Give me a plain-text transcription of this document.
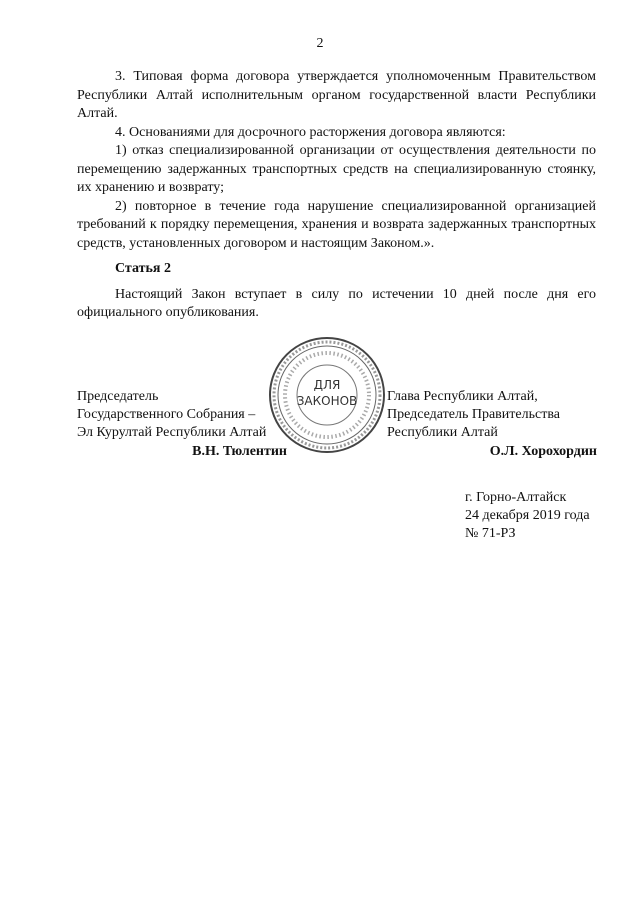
2

3. Типовая форма договора утверждается уполномоченным Правительством Республики Алтай исполнительным органом государственной власти Республики Алтай.

4. Основаниями для досрочного расторжения договора являются:

1) отказ специализированной организации от осуществления деятельности по перемещению задержанных транспортных средств на специализированную стоянку, их хранению и возврату;

2) повторное в течение года нарушение специализированной организацией требований к порядку перемещения, хранения и возврата задержанных транспортных средств, установленных договором и настоящим Законом.».

Статья 2

Настоящий Закон вступает в силу по истечении 10 дней после дня его официального опубликования.

ДЛЯ
ЗАКОНОВ
Председатель
Государственного Собрания –
Эл Курултай Республики Алтай
В.Н. Тюлентин
Глава Республики Алтай,
Председатель Правительства
Республики Алтай
О.Л. Хорохордин
г. Горно-Алтайск
24 декабря 2019 года
№ 71-РЗ
